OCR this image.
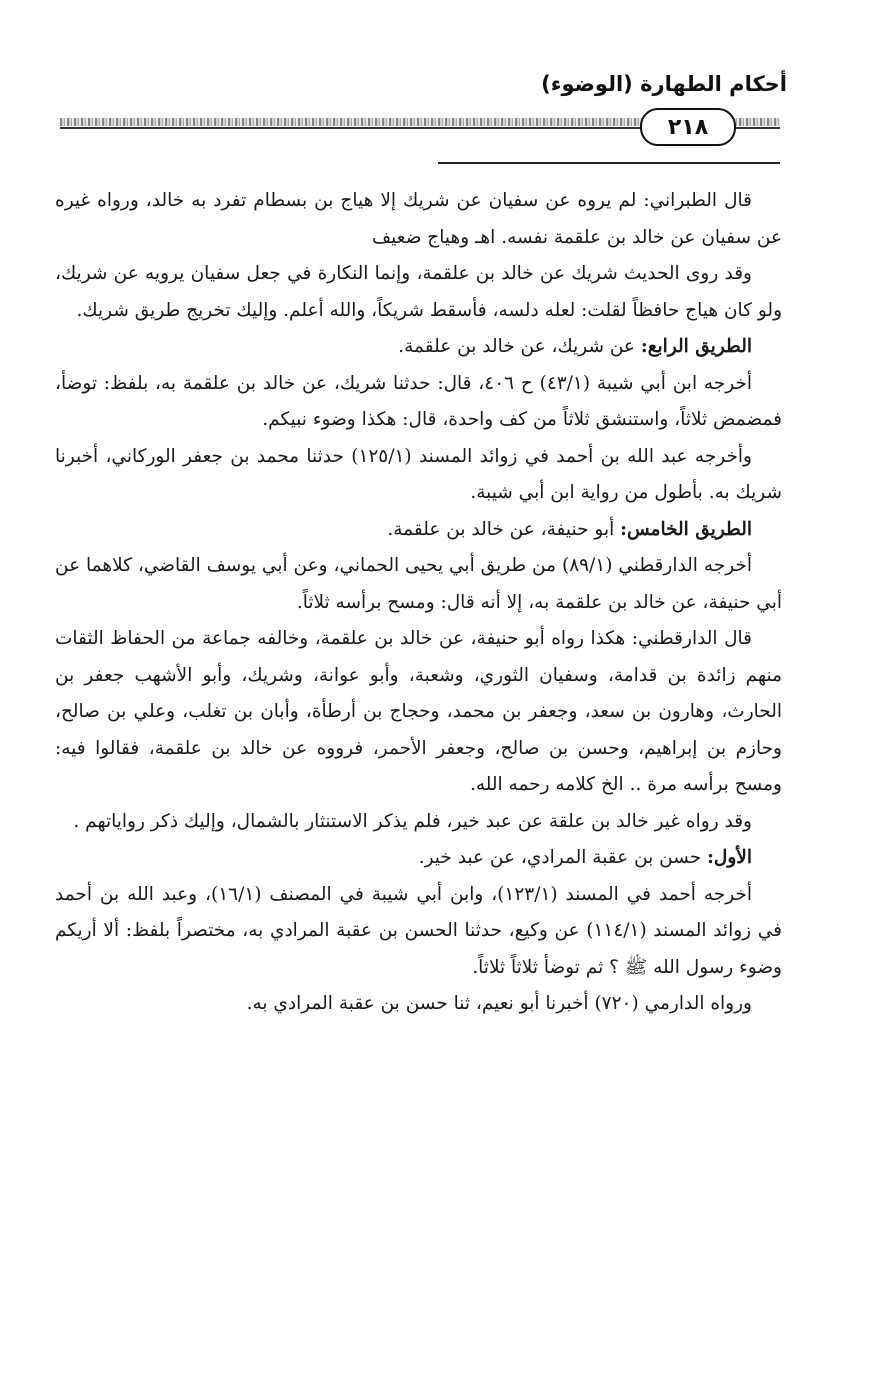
أحكام الطهارة (الوضوء)
٢١٨

قال الطبراني: لم يروه عن سفيان عن شريك إلا هياج بن بسطام تفرد به خالد، ورواه غيره عن سفيان عن خالد بن علقمة نفسه. اهـ وهياج ضعيف

وقد روى الحديث شريك عن خالد بن علقمة، وإنما النكارة في جعل سفيان يرويه عن شريك، ولو كان هياج حافظاً لقلت: لعله دلسه، فأسقط شريكاً، والله أعلم. وإليك تخريج طريق شريك.

الطريق الرابع: عن شريك، عن خالد بن علقمة.

أخرجه ابن أبي شيبة (٤٣/١) ح ٤٠٦، قال: حدثنا شريك، عن خالد بن علقمة به، بلفظ: توضأ، فمضمض ثلاثاً، واستنشق ثلاثاً من كف واحدة، قال: هكذا وضوء نبيكم.

وأخرجه عبد الله بن أحمد في زوائد المسند (١٢٥/١) حدثنا محمد بن جعفر الوركاني، أخبرنا شريك به. بأطول من رواية ابن أبي شيبة.

الطريق الخامس: أبو حنيفة، عن خالد بن علقمة.

أخرجه الدارقطني (٨٩/١) من طريق أبي يحيى الحماني، وعن أبي يوسف القاضي، كلاهما عن أبي حنيفة، عن خالد بن علقمة به، إلا أنه قال: ومسح برأسه ثلاثاً.

قال الدارقطني: هكذا رواه أبو حنيفة، عن خالد بن علقمة، وخالفه جماعة من الحفاظ الثقات منهم زائدة بن قدامة، وسفيان الثوري، وشعبة، وأبو عوانة، وشريك، وأبو الأشهب جعفر بن الحارث، وهارون بن سعد، وجعفر بن محمد، وحجاج بن أرطأة، وأبان بن تغلب، وعلي بن صالح، وحازم بن إبراهيم، وحسن بن صالح، وجعفر الأحمر، فرووه عن خالد بن علقمة، فقالوا فيه: ومسح برأسه مرة .. الخ كلامه رحمه الله.

وقد رواه غير خالد بن علقة عن عبد خير، فلم يذكر الاستنثار بالشمال، وإليك ذكر رواياتهم .

الأول: حسن بن عقبة المرادي، عن عبد خير.

أخرجه أحمد في المسند (١٢٣/١)، وابن أبي شيبة في المصنف (١٦/١)، وعبد الله بن أحمد في زوائد المسند (١١٤/١) عن وكيع، حدثنا الحسن بن عقبة المرادي به، مختصراً بلفظ: ألا أريكم وضوء رسول الله ﷺ ؟ ثم توضأ ثلاثاً ثلاثاً.

ورواه الدارمي (٧٢٠) أخبرنا أبو نعيم، ثنا حسن بن عقبة المرادي به.
